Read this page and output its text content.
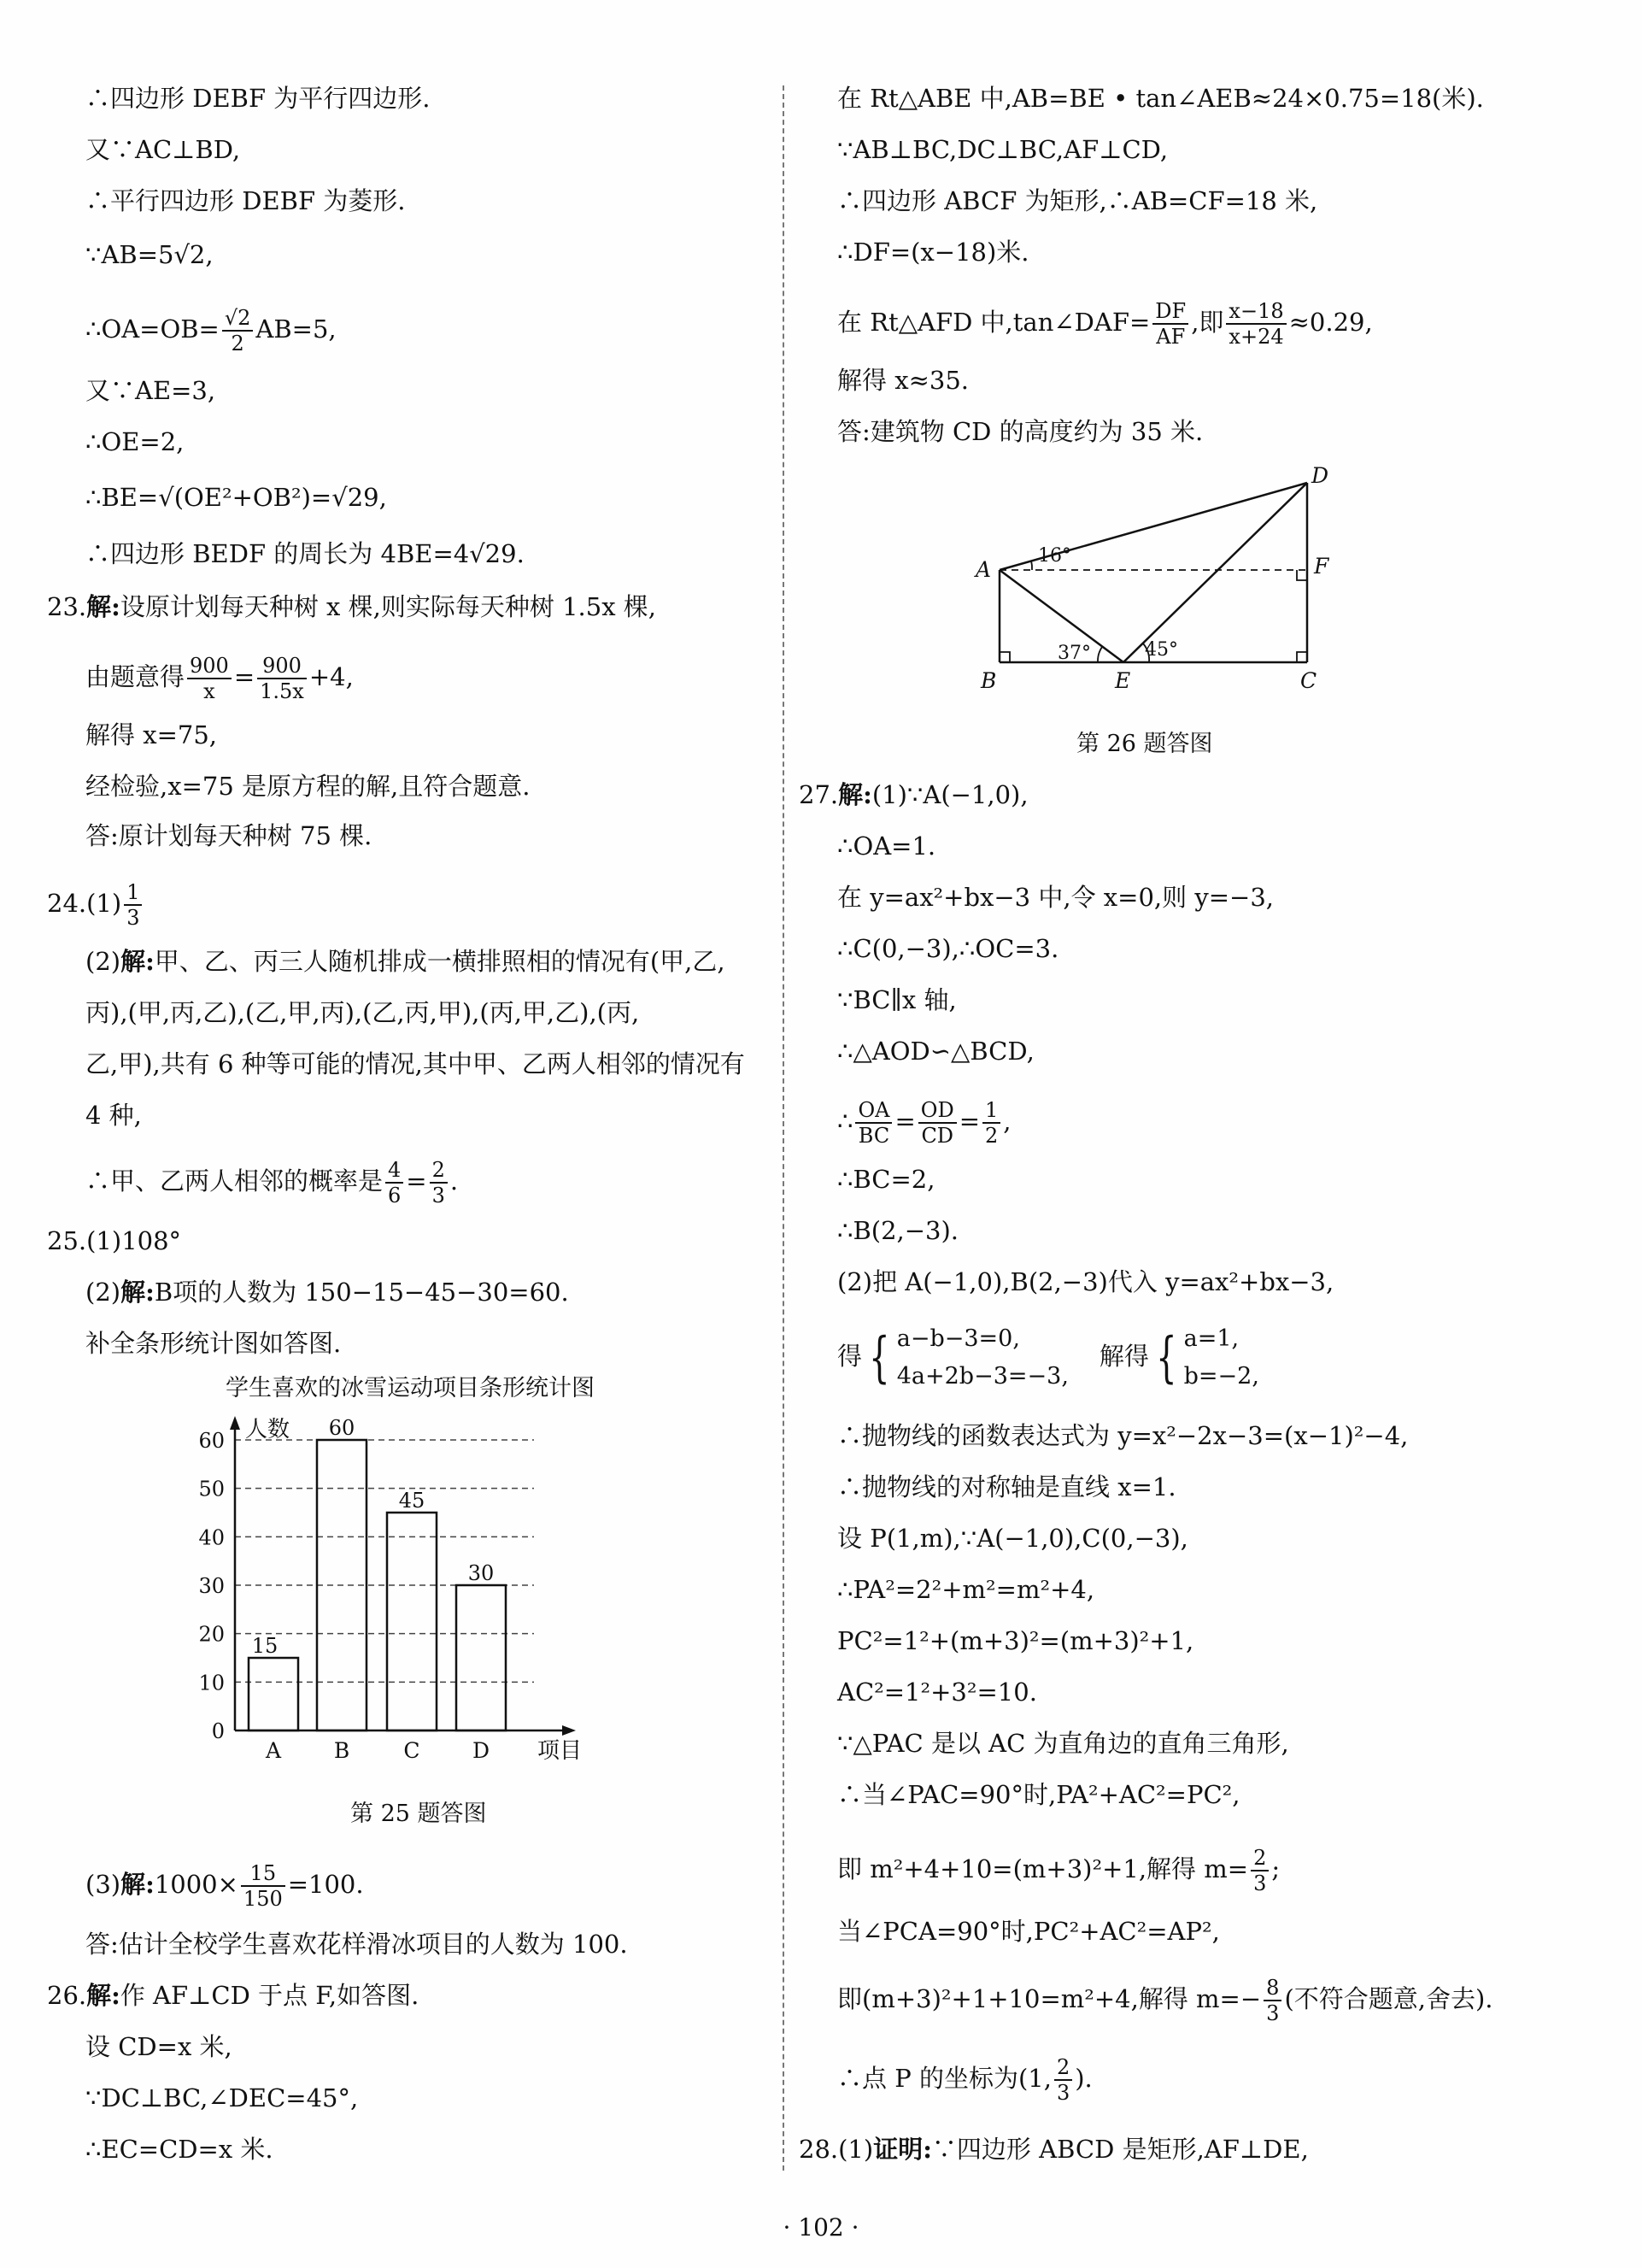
∴四边形 DEBF 为平行四边形.
又∵AC⊥BD,
∴平行四边形 DEBF 为菱形.
∵AB=5√2,
∴OA=OB= $\frac{√2}{2} AB=5$,
又∵AE=3,
∴OE=2,
∴BE=√(OE²+OB²)=√29,
∴四边形 BEDF 的周长为 4BE=4√29.
23.解:设原计划每天种树 x 棵,则实际每天种树 1.5x 棵,
由题意得 $\frac{900}{x} = \frac{900}{1.5x} +4$,
解得 x=75,
经检验,x=75 是原方程的解,且符合题意.
答:原计划每天种树 75 棵.
$24.(1) \frac{1}{3}$
(2)解:甲、乙、丙三人随机排成一横排照相的情况有(甲,乙,
丙),(甲,丙,乙),(乙,甲,丙),(乙,丙,甲),(丙,甲,乙),(丙,
乙,甲),共有 6 种等可能的情况,其中甲、乙两人相邻的情况有
4 种,
∴甲、乙两人相邻的概率是 $\frac{4}{6} = \frac{2}{3}$ .
25.(1)108°
(2)解:B项的人数为 150−15−45−30=60.
补全条形统计图如答图.
学生喜欢的冰雪运动项目条形统计图
0
10
20
30
40
50
60 人数
项目
15
A
60
B
45
C
30
D
第 25 题答图
(3)解:1000× $\frac{15}{150} =100$.
答:估计全校学生喜欢花样滑冰项目的人数为 100.
26.解:作 AF⊥CD 于点 F,如答图.
设 CD=x 米,
∵DC⊥BC,∠DEC=45°,
∴EC=CD=x 米.
在 Rt△ABE 中,AB=BE • tan∠AEB≈24×0.75=18(米).
∵AB⊥BC,DC⊥BC,AF⊥CD,
∴四边形 ABCF 为矩形,∴AB=CF=18 米,
∴DF=(x−18)米.
在 Rt△AFD 中,tan∠DAF= $\frac{DF}{AF}$ ,即 $\frac{x-18}{x+24} \approx 0.29$,
解得 x≈35.
答:建筑物 CD 的高度约为 35 米.
A
B	E	C
D
F
16°
37°	45°
第 26 题答图
27.解:(1)∵A(−1,0),
∴OA=1.
在 y=ax²+bx−3 中,令 x=0,则 y=−3,
∴C(0,−3),∴OC=3.
∵BC∥x 轴,
∴△AOD∽△BCD,
∴ $\frac{OA}{BC} = \frac{OD}{CD} = \frac{1}{2}$ ,
∴BC=2,
∴B(2,−3).
(2)把 A(−1,0),B(2,−3)代入 y=ax²+bx−3,
得 { a−b−3=0,
4a+2b−3=−3,
解得 { a=1,
b=−2,
∴抛物线的函数表达式为 y=x²−2x−3=(x−1)²−4,
∴抛物线的对称轴是直线 x=1.
设 P(1,m),∵A(−1,0),C(0,−3),
∴PA²=2²+m²=m²+4,
PC²=1²+(m+3)²=(m+3)²+1,
AC²=1²+3²=10.
∵△PAC 是以 AC 为直角边的直角三角形,
∴当∠PAC=90°时,PA²+AC²=PC²,
即 m²+4+10=(m+3)²+1,解得 $m= \frac{2}{3}$ ;
当∠PCA=90°时,PC²+AC²=AP²,
即(m+3)²+1+10=m²+4,解得 $m=- \frac{8}{3}$ (不符合题意,舍去).
∴点 P 的坐标为(1, $\frac{2}{3}$ ).
28.(1)证明:∵四边形 ABCD 是矩形,AF⊥DE,
· 102 ·
